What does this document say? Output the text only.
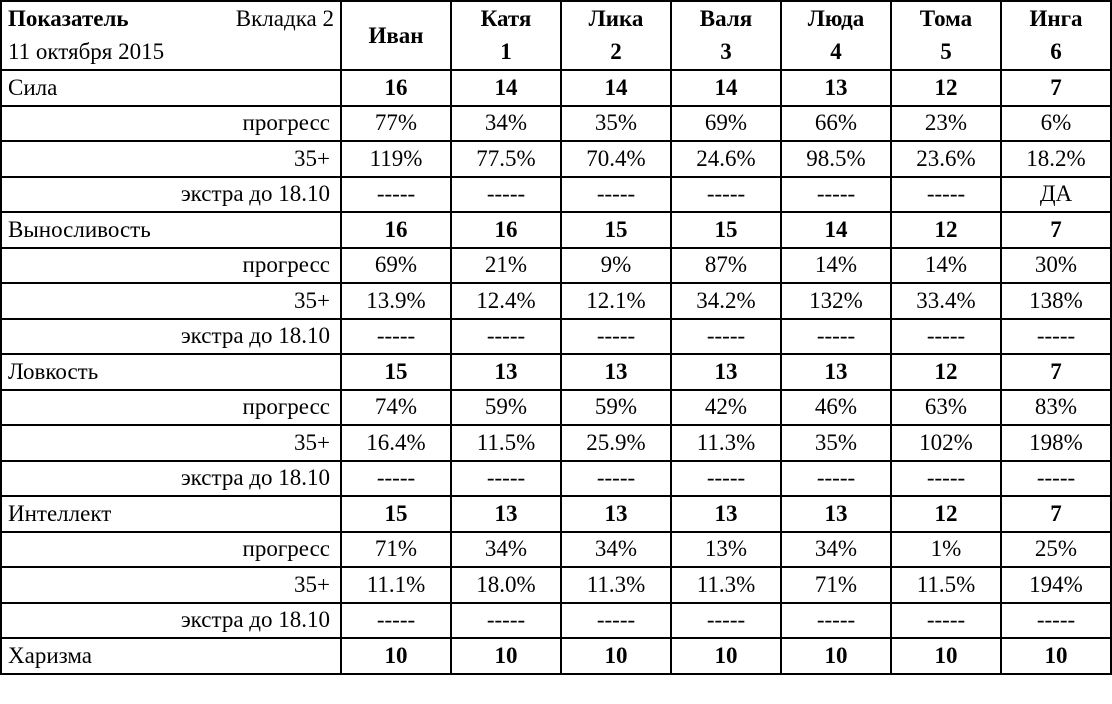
Показатель Вкладка 2	Иван	Катя	Лика	Валя	Люда	Тома	Инга

11 октября 2015		1	2	3	4	5	6
Сила	16	14	14	14	13	12	7
прогресс	77%	34%	35%	69%	66%	23%	6%
35+	119%	77.5%	70.4%	24.6%	98.5%	23.6%	18.2%
экстра до 18.10	-----	-----	-----	-----	-----	-----	ДА
Выносливость	16	16	15	15	14	12	7
прогресс	69%	21%	9%	87%	14%	14%	30%
35+	13.9%	12.4%	12.1%	34.2%	132%	33.4%	138%
экстра до 18.10	-----	-----	-----	-----	-----	-----	-----
Ловкость	15	13	13	13	13	12	7
прогресс	74%	59%	59%	42%	46%	63%	83%
35+	16.4%	11.5%	25.9%	11.3%	35%	102%	198%
экстра до 18.10	-----	-----	-----	-----	-----	-----	-----
Интеллект	15	13	13	13	13	12	7
прогресс	71%	34%	34%	13%	34%	1%	25%
35+	11.1%	18.0%	11.3%	11.3%	71%	11.5%	194%
экстра до 18.10	-----	-----	-----	-----	-----	-----	-----
Харизма	10	10	10	10	10	10	10
